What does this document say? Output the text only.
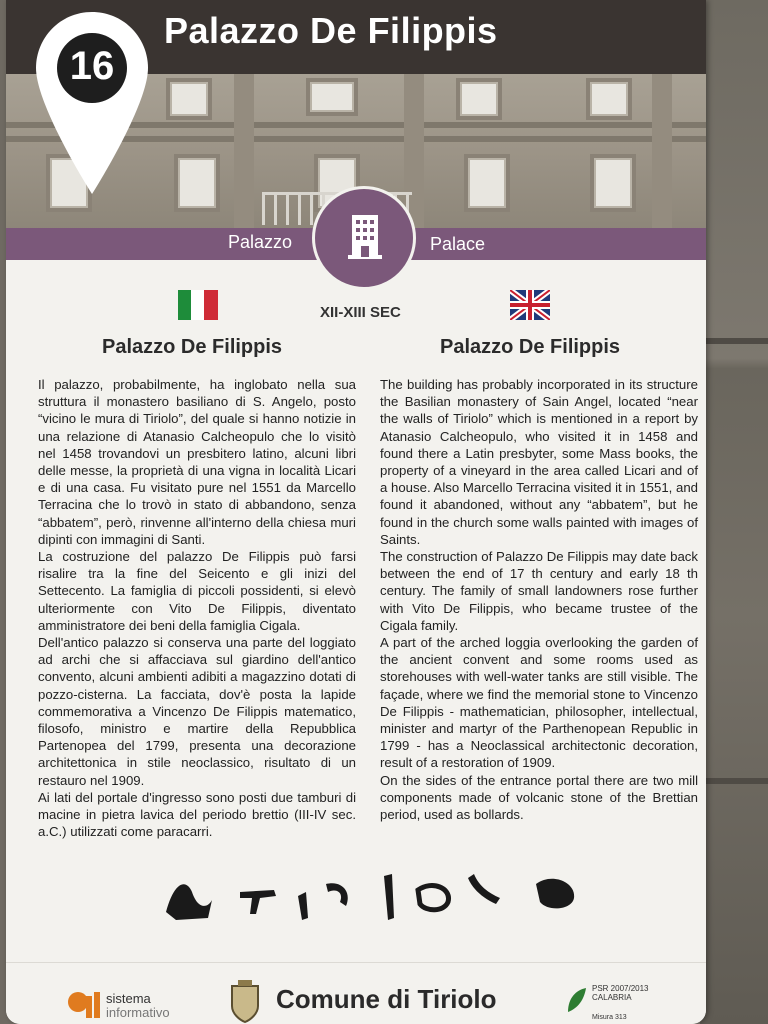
Palazzo De Filippis
Palazzo	Palace
16
XII-XIII SEC
Palazzo De Filippis	Palazzo De Filippis
Il palazzo, probabilmente, ha inglobato nella sua struttura il monastero basiliano di S. Angelo, posto “vicino le mura di Tiriolo”, del quale si hanno notizie in una relazione di Atanasio Calcheopulo che lo visitò nel 1458 trovandovi un presbitero latino, alcuni libri delle messe, la proprietà di una vigna in località Licari e di una casa. Fu visitato pure nel 1551 da Marcello Terracina che lo trovò in stato di abbandono, senza “abbatem”, però, rinvenne all'interno della chiesa muri dipinti con immagini di Santi.
La costruzione del palazzo De Filippis può farsi risalire tra la fine del Seicento e gli inizi del Settecento. La famiglia di piccoli possidenti, si elevò ulteriormente con Vito De Filippis, diventato amministratore dei beni della famiglia Cigala.
Dell'antico palazzo si conserva una parte del loggiato ad archi che si affacciava sul giardino dell'antico convento, alcuni ambienti adibiti a magazzino dotati di pozzo-cisterna. La facciata, dov'è posta la lapide commemorativa a Vincenzo De Filippis matematico, filosofo, ministro e martire della Repubblica Partenopea del 1799, presenta una decorazione architettonica in stile neoclassico, risultato di un restauro nel 1909.
Ai lati del portale d'ingresso sono posti due tamburi di macine in pietra lavica del periodo brettio (III-IV sec. a.C.) utilizzati come paracarri.
The building has probably incorporated in its structure the Basilian monastery of Sain Angel, located “near the walls of Tiriolo” which is mentioned in a report by Atanasio Calcheopulo, who visited it in 1458 and found there a Latin presbyter, some Mass books, the property of a vineyard in the area called Licari and of a house. Also Marcello Terracina visited it in 1551, and found it abandoned, without any “abbatem”, but he found in the church some walls painted with images of Saints.
The construction of Palazzo De Filippis may date back between the end of 17 th century and early 18 th century. The family of small landowners rose further with Vito De Filippis, who became trustee of the Cigala family.
A part of the arched loggia overlooking the garden of the ancient convent and some rooms used as storehouses with well-water tanks are still visible. The façade, where we find the memorial stone to Vincenzo De Filippis - mathematician, philosopher, intellectual, minister and martyr of the Parthenopean Republic in 1799 - has a Neoclassical architectonic decoration, result of a restoration of 1909.
On the sides of the entrance portal there are two mill components made of volcanic stone of the Brettian period, used as bollards.
sistema
informativo	Comune di Tiriolo	PSR 2007/2013
CALABRIA
Misura 313
